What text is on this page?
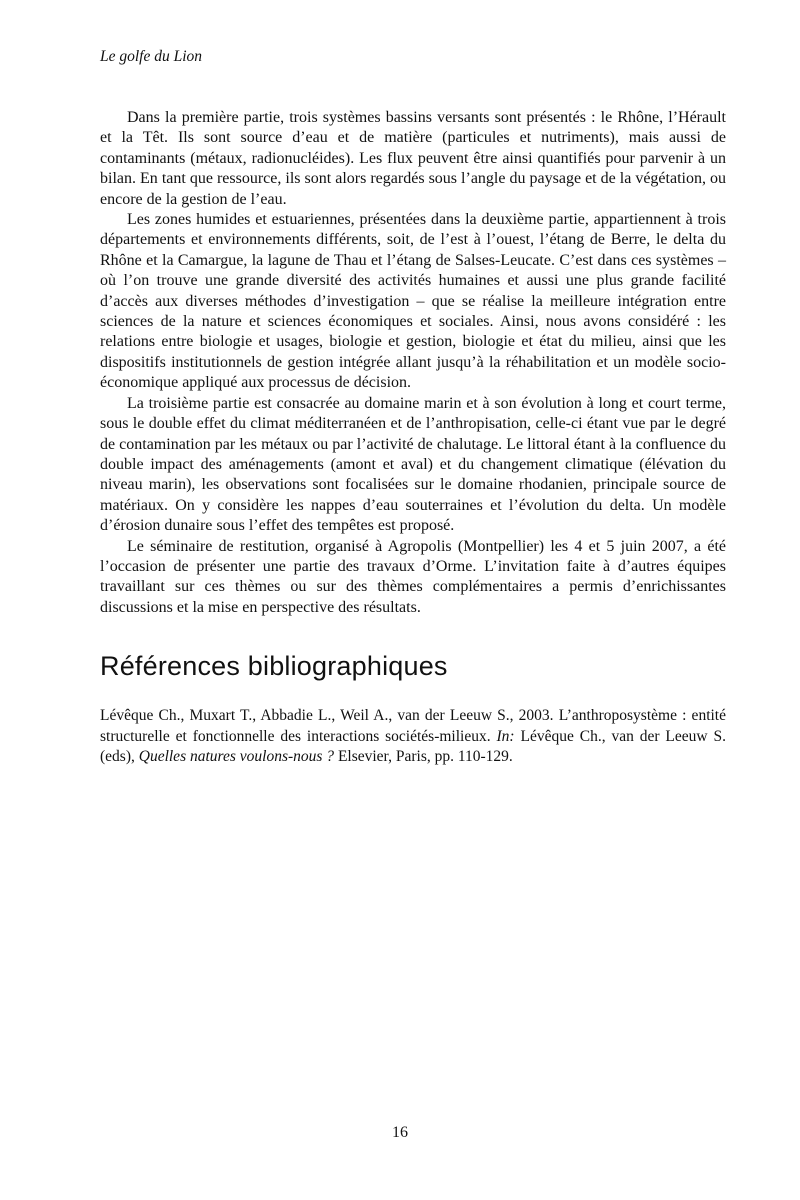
Le golfe du Lion

Dans la première partie, trois systèmes bassins versants sont présentés : le Rhône, l’Hérault et la Têt. Ils sont source d’eau et de matière (particules et nutriments), mais aussi de contaminants (métaux, radionucléides). Les flux peuvent être ainsi quantifiés pour parvenir à un bilan. En tant que ressource, ils sont alors regardés sous l’angle du paysage et de la végétation, ou encore de la gestion de l’eau.

Les zones humides et estuariennes, présentées dans la deuxième partie, appartiennent à trois départements et environnements différents, soit, de l’est à l’ouest, l’étang de Berre, le delta du Rhône et la Camargue, la lagune de Thau et l’étang de Salses-Leucate. C’est dans ces systèmes – où l’on trouve une grande diversité des activités humaines et aussi une plus grande facilité d’accès aux diverses méthodes d’investigation – que se réalise la meilleure intégration entre sciences de la nature et sciences économiques et sociales. Ainsi, nous avons considéré : les relations entre biologie et usages, biologie et gestion, biologie et état du milieu, ainsi que les dispositifs institutionnels de gestion intégrée allant jusqu’à la réhabilitation et un modèle socio-économique appliqué aux processus de décision.

La troisième partie est consacrée au domaine marin et à son évolution à long et court terme, sous le double effet du climat méditerranéen et de l’anthropisation, celle-ci étant vue par le degré de contamination par les métaux ou par l’activité de chalutage. Le littoral étant à la confluence du double impact des aménagements (amont et aval) et du changement climatique (élévation du niveau marin), les observations sont focalisées sur le domaine rhodanien, principale source de matériaux. On y considère les nappes d’eau souterraines et l’évolution du delta. Un modèle d’érosion dunaire sous l’effet des tempêtes est proposé.

Le séminaire de restitution, organisé à Agropolis (Montpellier) les 4 et 5 juin 2007, a été l’occasion de présenter une partie des travaux d’Orme. L’invitation faite à d’autres équipes travaillant sur ces thèmes ou sur des thèmes complémentaires a permis d’enrichissantes discussions et la mise en perspective des résultats.

Références bibliographiques

Lévêque Ch., Muxart T., Abbadie L., Weil A., van der Leeuw S., 2003. L’anthroposystème : entité structurelle et fonctionnelle des interactions sociétés-milieux. In: Lévêque Ch., van der Leeuw S. (eds), Quelles natures voulons-nous ? Elsevier, Paris, pp. 110-129.

16
